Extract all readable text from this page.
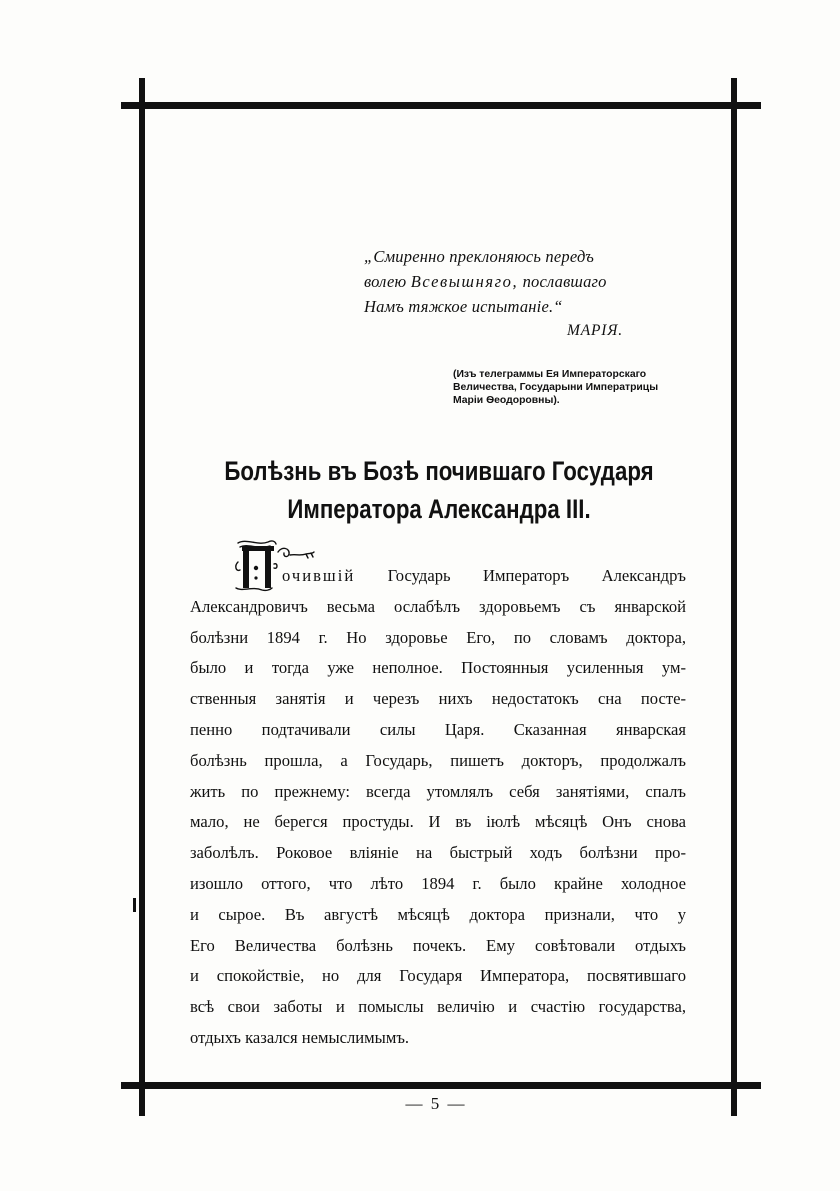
„Смиренно преклоняюсь передъ
волею Всевышняго, пославшаго
Намъ тяжкое испытаніе.“
МАРІЯ.
(Изъ телеграммы Ея Императорскаго
Величества, Государыни Императрицы
Маріи Ѳеодоровны).
Болѣзнь въ Бозѣ почившаго Государя
Императора Александра III.
П
очившій Государь Императоръ Александръ
Александровичъ весьма ослабѣлъ здоровьемъ съ январской
болѣзни 1894 г. Но здоровье Его, по словамъ доктора,
было и тогда уже неполное. Постоянныя усиленныя ум-
ственныя занятія и черезъ нихъ недостатокъ сна посте-
пенно подтачивали силы Царя. Сказанная январская
болѣзнь прошла, а Государь, пишетъ докторъ, продолжалъ
жить по прежнему: всегда утомлялъ себя занятіями, спалъ
мало, не берегся простуды. И въ іюлѣ мѣсяцѣ Онъ снова
заболѣлъ. Роковое вліяніе на быстрый ходъ болѣзни про-
изошло оттого, что лѣто 1894 г. было крайне холодное
и сырое. Въ августѣ мѣсяцѣ доктора признали, что у
Его Величества болѣзнь почекъ. Ему совѣтовали отдыхъ
и спокойствіе, но для Государя Императора, посвятившаго
всѣ свои заботы и помыслы величію и счастію государства,
отдыхъ казался немыслимымъ.
— 5 —
